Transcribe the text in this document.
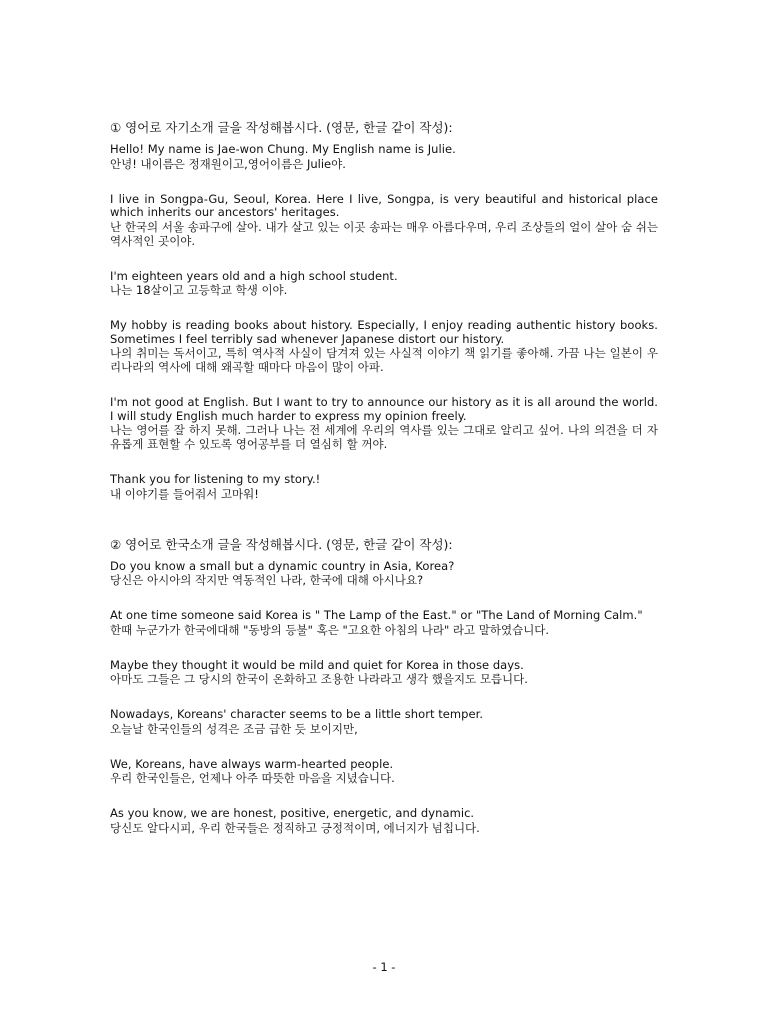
① 영어로 자기소개 글을 작성해봅시다. (영문, 한글 같이 작성):
Hello! My name is Jae-won Chung. My English name is Julie.
안녕! 내이름은 정재원이고,영어이름은 Julie야.
I live in Songpa-Gu, Seoul, Korea. Here I live, Songpa, is very beautiful and historical place which inherits our ancestors' heritages.
난 한국의 서울 송파구에 살아. 내가 살고 있는 이곳 송파는 매우 아름다우며, 우리 조상들의 얼이 살아 숨 쉬는 역사적인 곳이야.
I'm eighteen years old and a high school student.
나는 18살이고 고등학교 학생 이야.
My hobby is reading books about history. Especially, I enjoy reading authentic history books. Sometimes I feel terribly sad whenever Japanese distort our history.
나의 취미는 독서이고, 특히 역사적 사실이 담겨져 있는 사실적 이야기 책 읽기를 좋아해. 가끔 나는 일본이 우리나라의 역사에 대해 왜곡할 때마다 마음이 많이 아파.
I'm not good at English. But I want to try to announce our history as it is all around the world. I will study English much harder to express my opinion freely.
나는 영어를 잘 하지 못해. 그러나 나는 전 세계에 우리의 역사를 있는 그대로 알리고 싶어. 나의 의견을 더 자유롭게 표현할 수 있도록 영어공부를 더 열심히 할 꺼야.
Thank you for listening to my story.!
내 이야기를 들어줘서 고마워!
② 영어로 한국소개 글을 작성해봅시다. (영문, 한글 같이 작성):
Do you know a small but a dynamic country in Asia, Korea?
당신은 아시아의 작지만 역동적인 나라, 한국에 대해 아시나요?
At one time someone said Korea is " The Lamp of the East." or "The Land of Morning Calm."
한때 누군가가 한국에대해 "동방의 등불" 혹은 "고요한 아침의 나라" 라고 말하였습니다.
Maybe they thought it would be mild and quiet for Korea in those days.
아마도 그들은 그 당시의 한국이 온화하고 조용한 나라라고 생각 했을지도 모릅니다.
Nowadays, Koreans' character seems to be a little short temper.
오늘날 한국인들의 성격은 조금 급한 듯 보이지만,
We, Koreans, have always warm-hearted people.
우리 한국인들은, 언제나 아주 따뜻한 마음을 지녔습니다.
As you know, we are honest, positive, energetic, and dynamic.
당신도 알다시피, 우리 한국들은 정직하고 긍정적이며, 에너지가 넘칩니다.
- 1 -
